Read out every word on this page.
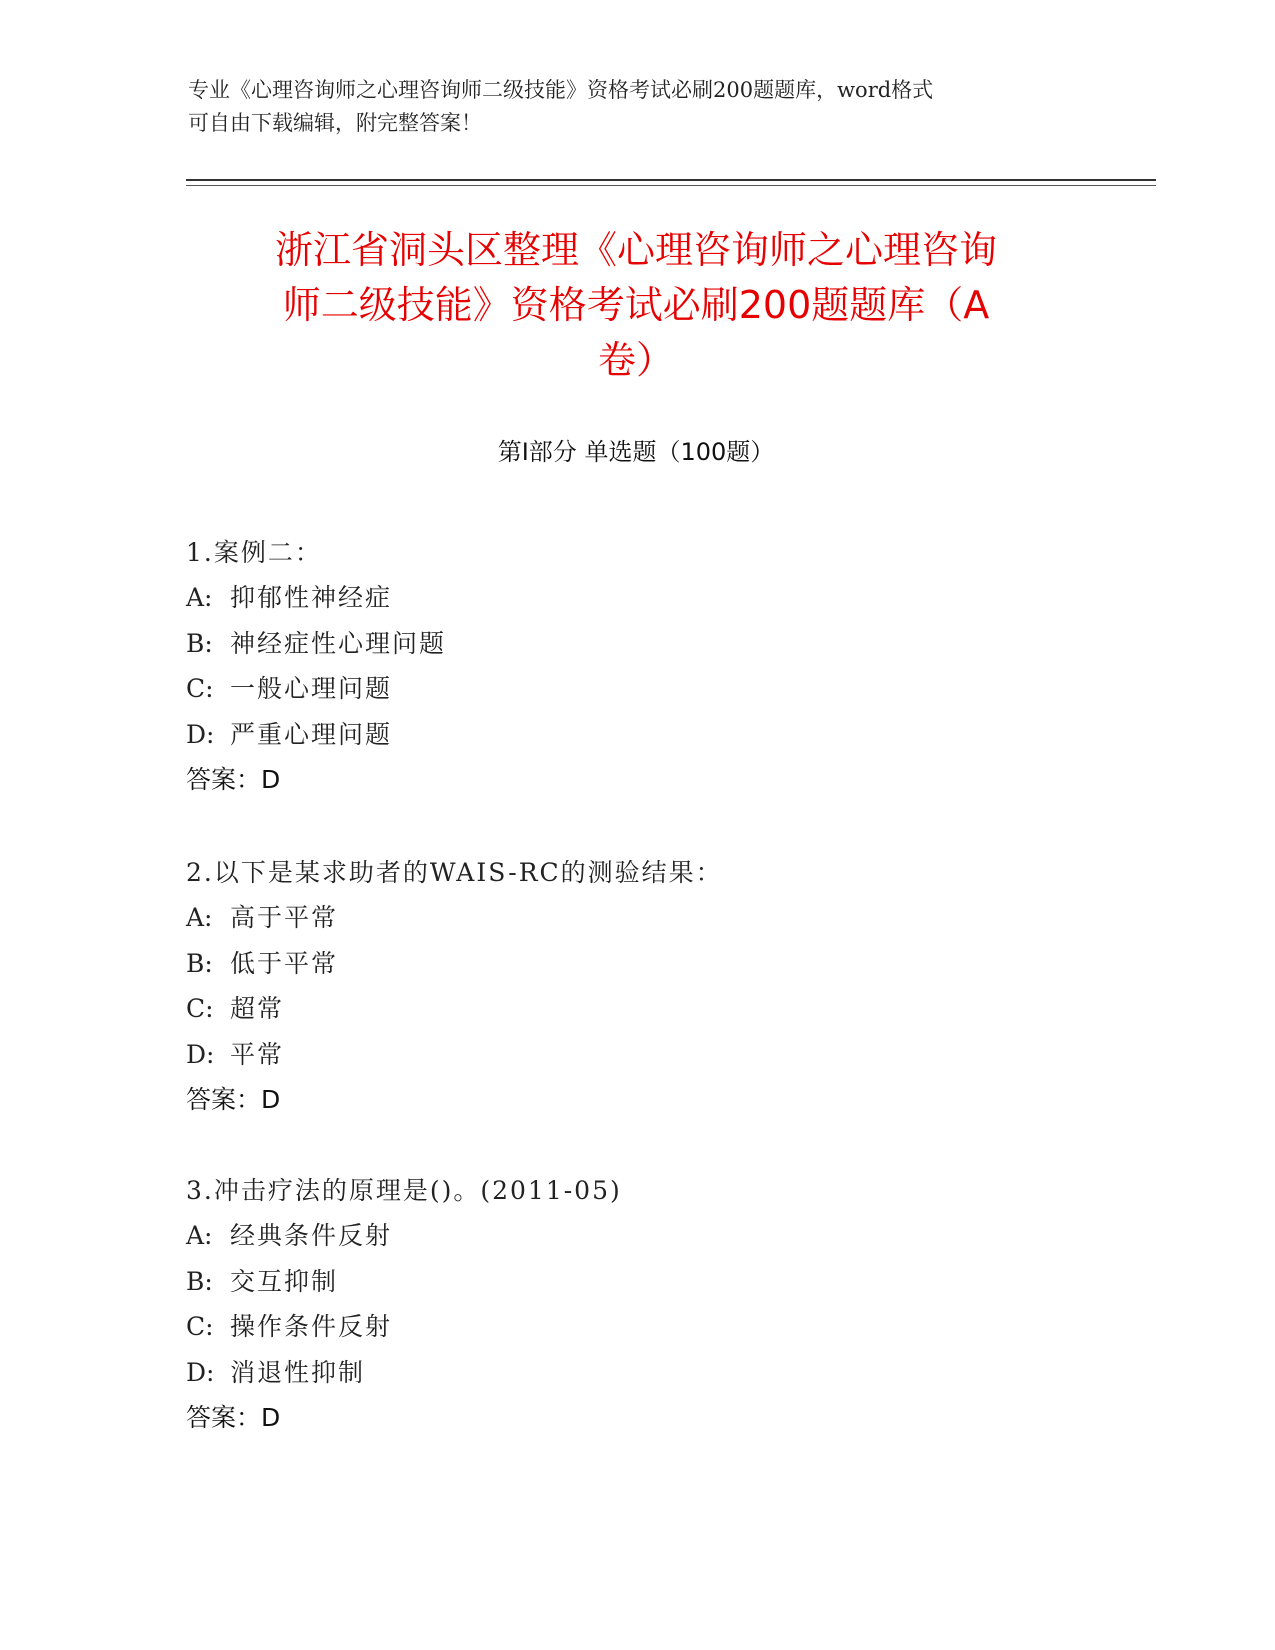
专业《心理咨询师之心理咨询师二级技能》资格考试必刷200题题库，word格式
可自由下载编辑，附完整答案！
浙江省洞头区整理《心理咨询师之心理咨询
师二级技能》资格考试必刷200题题库（A
卷）
第Ⅰ部分 单选题（100题）
1.案例二：
A: 抑郁性神经症
B: 神经症性心理问题
C: 一般心理问题
D: 严重心理问题
答案：D
2.以下是某求助者的WAIS-RC的测验结果：
A: 高于平常
B: 低于平常
C: 超常
D: 平常
答案：D
3.冲击疗法的原理是()。(2011-05)
A: 经典条件反射
B: 交互抑制
C: 操作条件反射
D: 消退性抑制
答案：D
